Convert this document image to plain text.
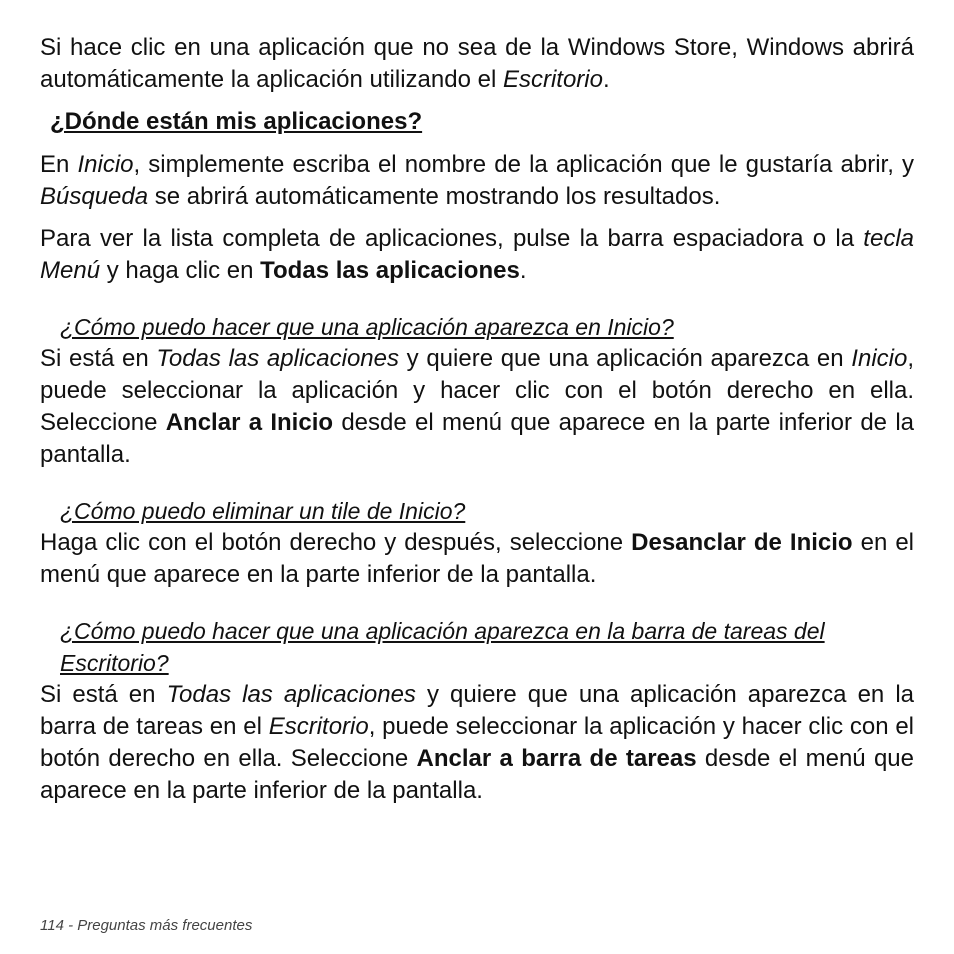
Si hace clic en una aplicación que no sea de la Windows Store, Windows abrirá automáticamente la aplicación utilizando el Escritorio.

¿Dónde están mis aplicaciones?

En Inicio, simplemente escriba el nombre de la aplicación que le gustaría abrir, y Búsqueda se abrirá automáticamente mostrando los resultados.

Para ver la lista completa de aplicaciones, pulse la barra espaciadora o la tecla Menú y haga clic en Todas las aplicaciones.

¿Cómo puedo hacer que una aplicación aparezca en Inicio?

Si está en Todas las aplicaciones y quiere que una aplicación aparezca en Inicio, puede seleccionar la aplicación y hacer clic con el botón derecho en ella. Seleccione Anclar a Inicio desde el menú que aparece en la parte inferior de la pantalla.

¿Cómo puedo eliminar un tile de Inicio?

Haga clic con el botón derecho y después, seleccione Desanclar de Inicio en el menú que aparece en la parte inferior de la pantalla.

¿Cómo puedo hacer que una aplicación aparezca en la barra de tareas del Escritorio?

Si está en Todas las aplicaciones y quiere que una aplicación aparezca en la barra de tareas en el Escritorio, puede seleccionar la aplicación y hacer clic con el botón derecho en ella. Seleccione Anclar a barra de tareas desde el menú que aparece en la parte inferior de la pantalla.

114 - Preguntas más frecuentes
